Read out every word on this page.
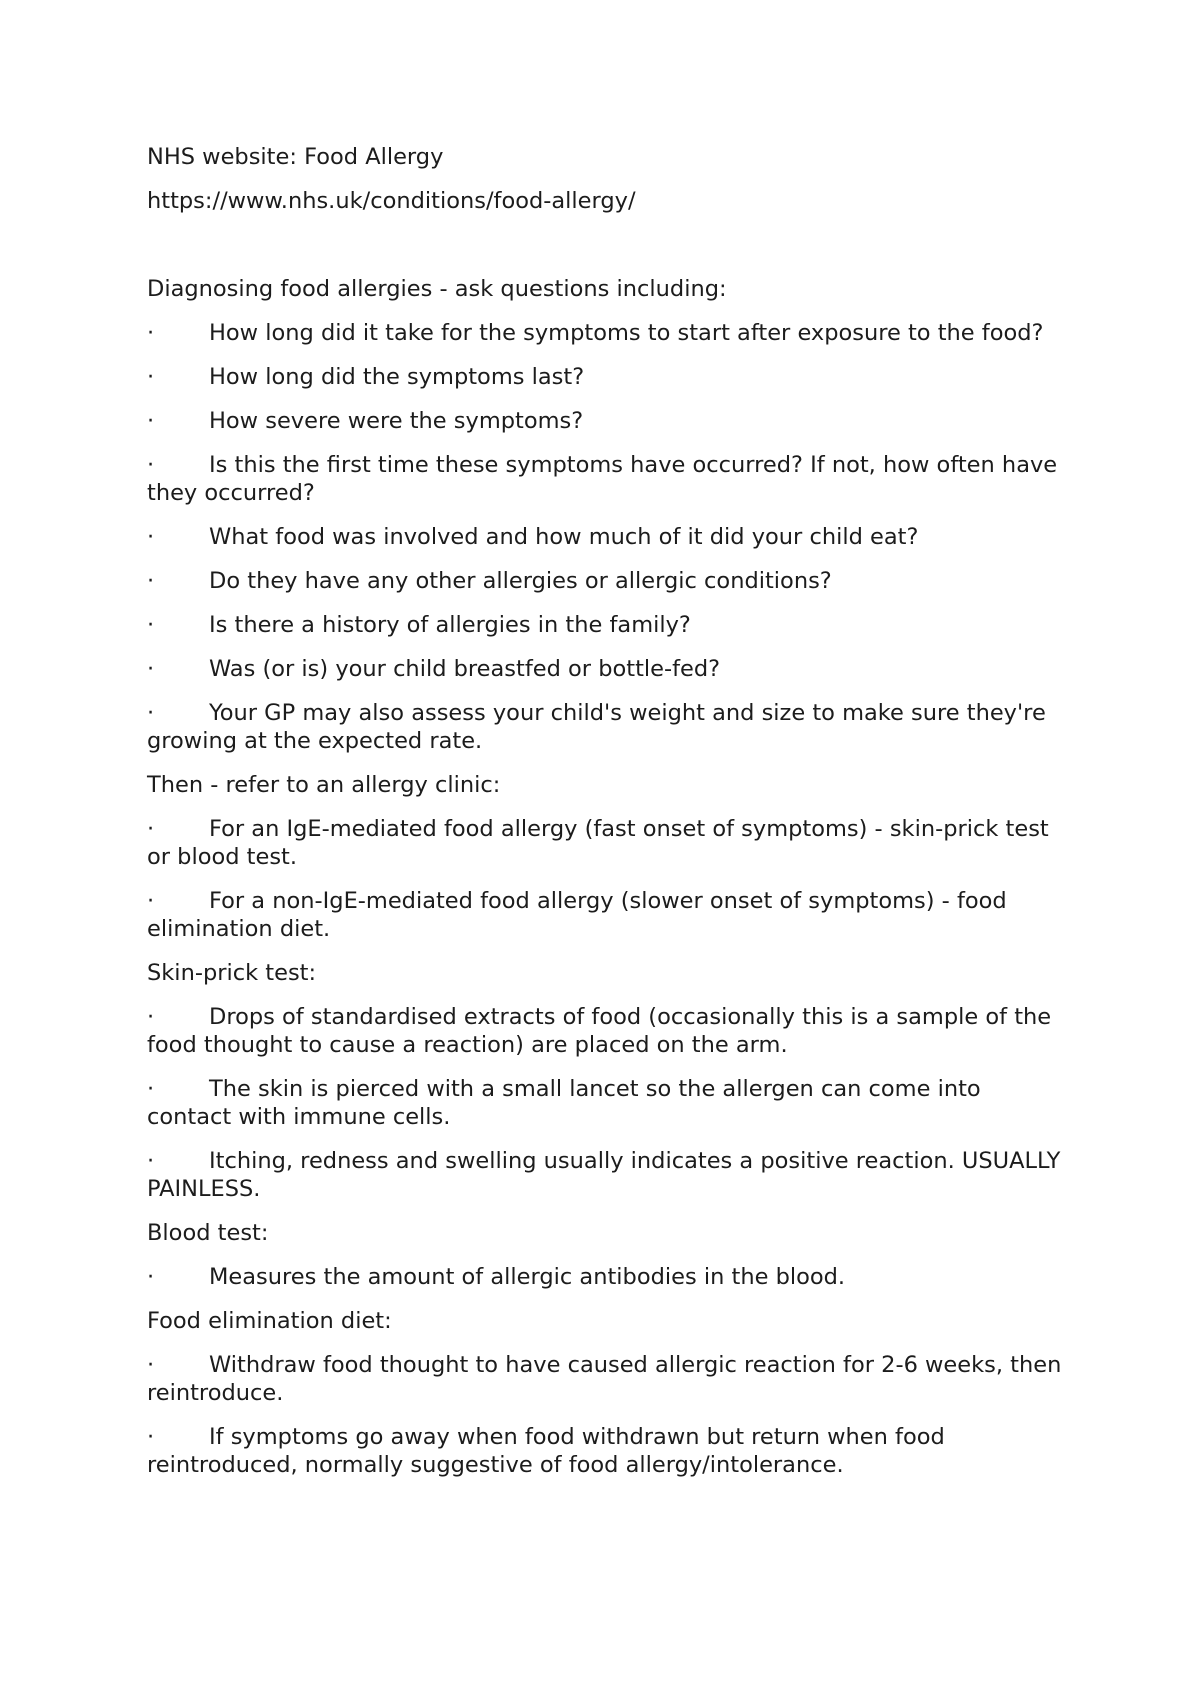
NHS website: Food Allergy

https://www.nhs.uk/conditions/food-allergy/

Diagnosing food allergies - ask questions including:

· How long did it take for the symptoms to start after exposure to the food?

· How long did the symptoms last?

· How severe were the symptoms?

· Is this the first time these symptoms have occurred? If not, how often have they occurred?

· What food was involved and how much of it did your child eat?

· Do they have any other allergies or allergic conditions?

· Is there a history of allergies in the family?

· Was (or is) your child breastfed or bottle-fed?

· Your GP may also assess your child's weight and size to make sure they're growing at the expected rate.

Then - refer to an allergy clinic:

· For an IgE-mediated food allergy (fast onset of symptoms) - skin-prick test or blood test.

· For a non-IgE-mediated food allergy (slower onset of symptoms) - food elimination diet.

Skin-prick test:

· Drops of standardised extracts of food (occasionally this is a sample of the food thought to cause a reaction) are placed on the arm.

· The skin is pierced with a small lancet so the allergen can come into contact with immune cells.

· Itching, redness and swelling usually indicates a positive reaction. USUALLY PAINLESS.

Blood test:

· Measures the amount of allergic antibodies in the blood.

Food elimination diet:

· Withdraw food thought to have caused allergic reaction for 2-6 weeks, then reintroduce.

· If symptoms go away when food withdrawn but return when food reintroduced, normally suggestive of food allergy/intolerance.
